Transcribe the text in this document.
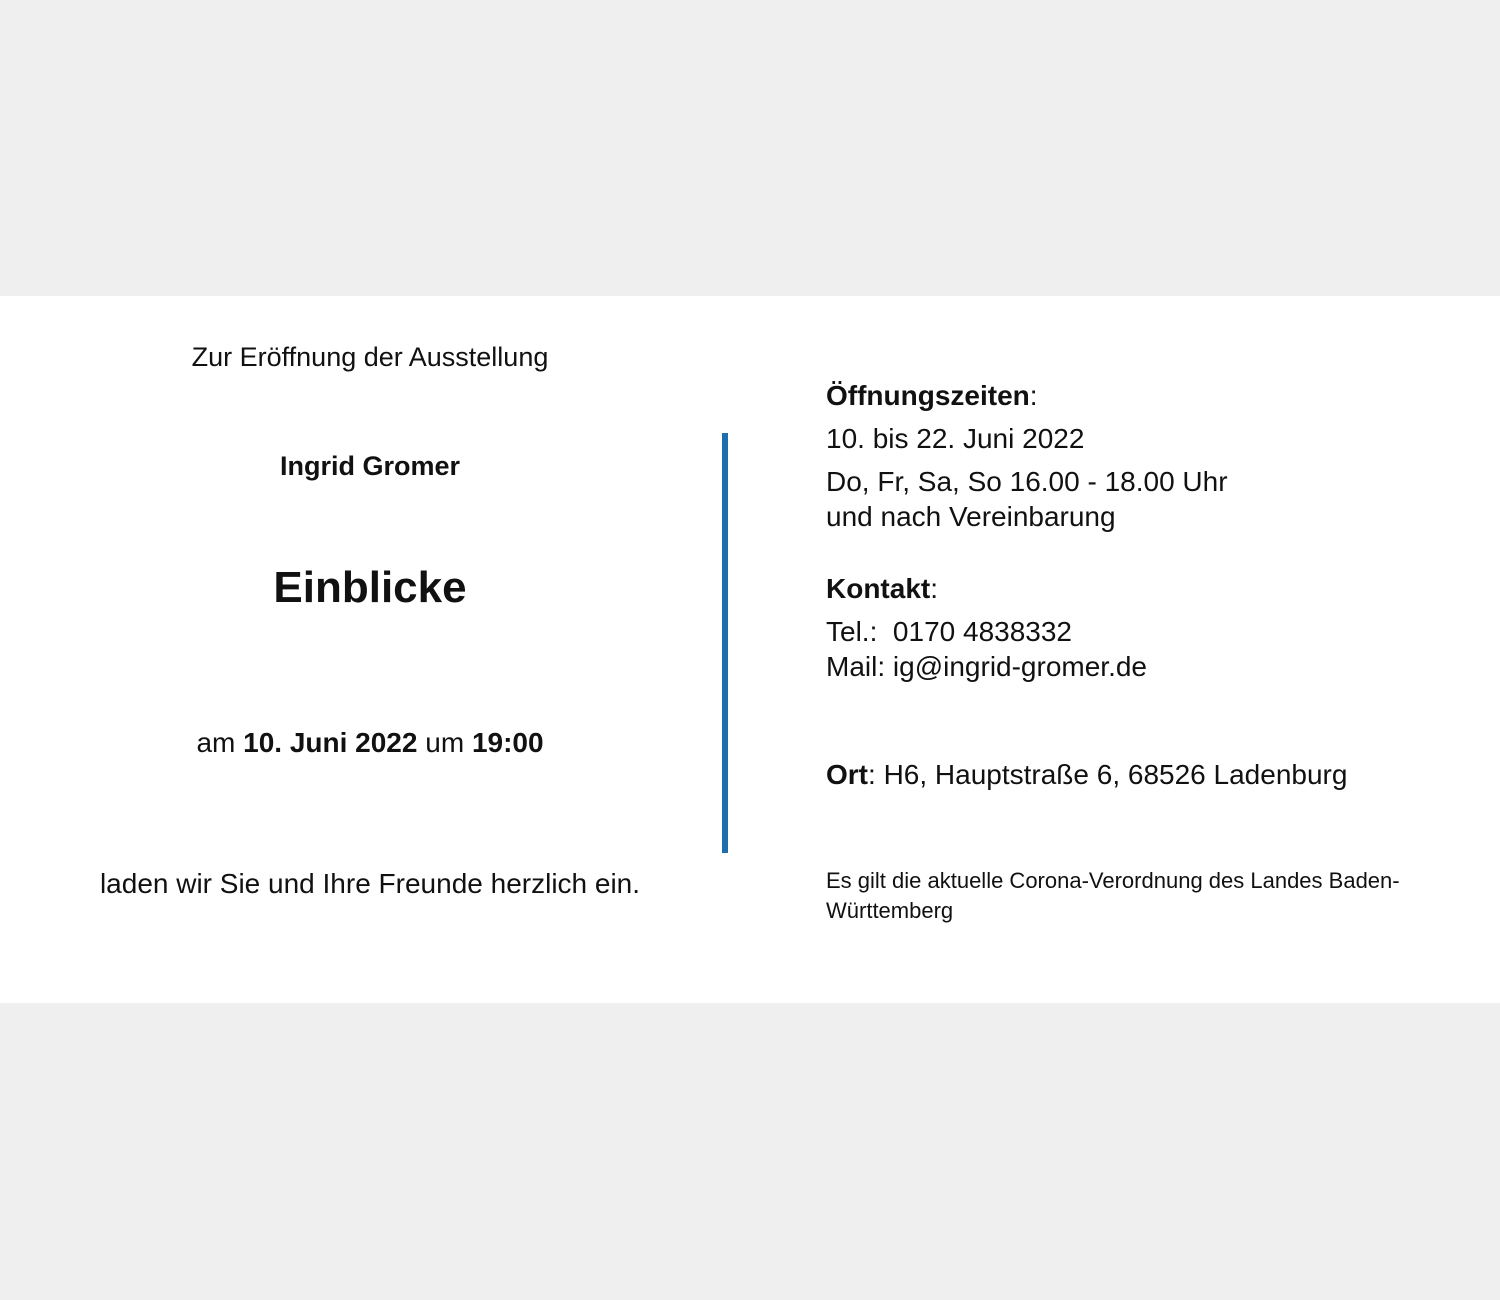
Zur Eröffnung der Ausstellung
Ingrid Gromer
Einblicke
am 10. Juni 2022 um 19:00
laden wir Sie und Ihre Freunde herzlich ein.
Öffnungszeiten:
10. bis 22. Juni 2022
Do, Fr, Sa, So 16.00 - 18.00 Uhr
und nach Vereinbarung
Kontakt:
Tel.: 0170 4838332
Mail: ig@ingrid-gromer.de
Ort: H6, Hauptstraße 6, 68526 Ladenburg
Es gilt die aktuelle Corona-Verordnung des Landes Baden-Württemberg
